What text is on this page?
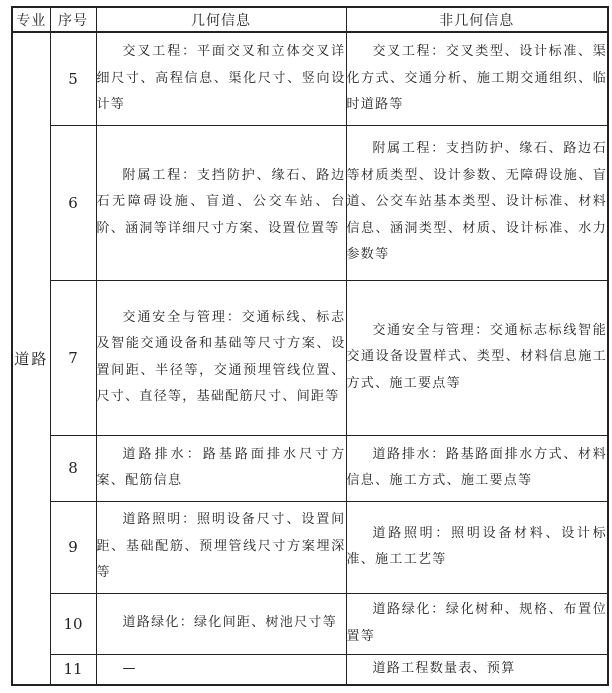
专业	序号	几何信息	非几何信息
道路	5	交叉工程：平面交叉和立体交叉详细尺寸、高程信息、渠化尺寸、竖向设计等	交叉工程：交叉类型、设计标准、渠化方式、交通分析、施工期交通组织、临时道路等

	6	附属工程：支挡防护、缘石、路边石无障碍设施、盲道、公交车站、台阶、涵洞等详细尺寸方案、设置位置等	附属工程：支挡防护、缘石、路边石等材质类型、设计参数、无障碍设施、盲道、公交车站基本类型、设计标准、材料信息、涵洞类型、材质、设计标准、水力参数等

	7	交通安全与管理：交通标线、标志及智能交通设备和基础等尺寸方案、设置间距、半径等，交通预埋管线位置、尺寸、直径等，基础配筋尺寸、间距等	交通安全与管理：交通标志标线智能交通设备设置样式、类型、材料信息施工方式、施工要点等

	8	道路排水：路基路面排水尺寸方案、配筋信息	道路排水：路基路面排水方式、材料信息、施工方式、施工要点等

	9	道路照明：照明设备尺寸、设置间距、基础配筋、预埋管线尺寸方案埋深等	道路照明：照明设备材料、设计标准、施工工艺等

	10	道路绿化：绿化间距、树池尺寸等	道路绿化：绿化树种、规格、布置位置等

	11	—	道路工程数量表、预算
